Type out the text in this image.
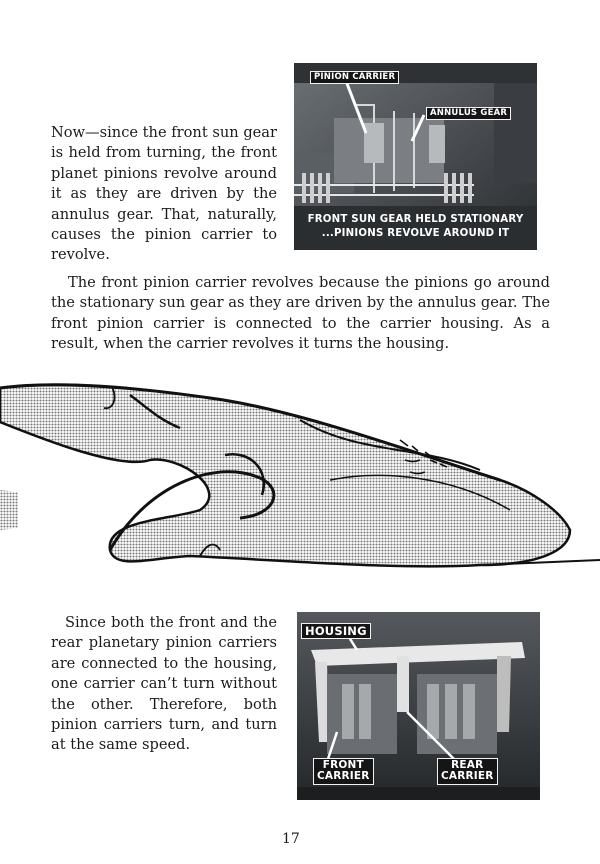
Now—since the front sun gear is held from turning, the front planet pinions revolve around it as they are driven by the annulus gear. That, naturally, causes the pinion carrier to revolve.

PINION CARRIER
ANNULUS GEAR
FRONT SUN GEAR HELD STATIONARY
...PINIONS REVOLVE AROUND IT

The front pinion carrier revolves because the pinions go around the stationary sun gear as they are driven by the annulus gear. The front pinion carrier is connected to the carrier housing. As a result, when the carrier revolves it turns the housing.

Since both the front and the rear planetary pinion carriers are connected to the housing, one carrier can’t turn without the other. Therefore, both pinion carriers turn, and turn at the same speed.

HOUSING
FRONT
CARRIER
REAR
CARRIER
17
